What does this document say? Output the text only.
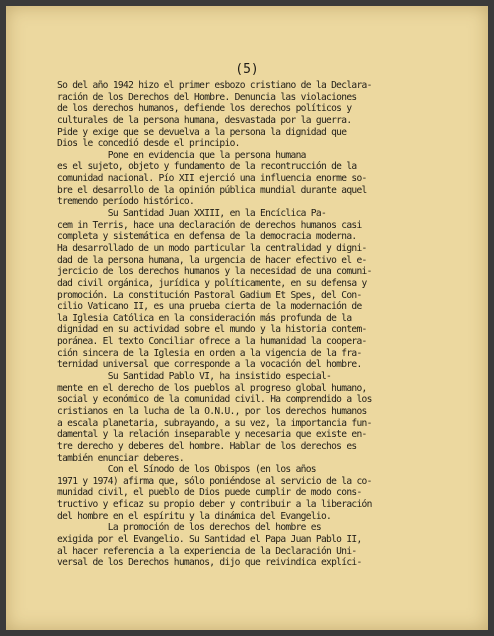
(5)
So del año 1942 hizo el primer esbozo cristiano de la Declara-
ración de los Derechos del Hombre. Denuncia las violaciones
de los derechos humanos, defiende los derechos políticos y
culturales de la persona humana, desvastada por la guerra.
Pide y exige que se devuelva a la persona la dignidad que
Dios le concedió desde el principio.
Pone en evidencia que la persona humana
es el sujeto, objeto y fundamento de la recontrucción de la
comunidad nacional. Pío XII ejerció una influencia enorme so-
bre el desarrollo de la opinión pública mundial durante aquel
tremendo período histórico.
Su Santidad Juan XXIII, en la Encíclica Pa-
cem in Terris, hace una declaración de derechos humanos casi
completa y sistemática en defensa de la democracia moderna.
Ha desarrollado de un modo particular la centralidad y digni-
dad de la persona humana, la urgencia de hacer efectivo el e-
jercicio de los derechos humanos y la necesidad de una comuni-
dad civil orgánica, jurídica y políticamente, en su defensa y
promoción. La constitución Pastoral Gadium Et Spes, del Con-
cilio Vaticano II, es una prueba cierta de la modernación de
la Iglesia Católica en la consideración más profunda de la
dignidad en su actividad sobre el mundo y la historia contem-
poránea. El texto Conciliar ofrece a la humanidad la coopera-
ción sincera de la Iglesia en orden a la vigencia de la fra-
ternidad universal que corresponde a la vocación del hombre.
Su Santidad Pablo VI, ha insistido especial-
mente en el derecho de los pueblos al progreso global humano,
social y económico de la comunidad civil. Ha comprendido a los
cristianos en la lucha de la O.N.U., por los derechos humanos
a escala planetaria, subrayando, a su vez, la importancia fun-
damental y la relación inseparable y necesaria que existe en-
tre derecho y deberes del hombre. Hablar de los derechos es
también enunciar deberes.
Con el Sínodo de los Obispos (en los años
1971 y 1974) afirma que, sólo poniéndose al servicio de la co-
munidad civil, el pueblo de Dios puede cumplir de modo cons-
tructivo y eficaz su propio deber y contribuir a la liberación
del hombre en el espíritu y la dinámica del Evangelio.
La promoción de los derechos del hombre es
exigida por el Evangelio. Su Santidad el Papa Juan Pablo II,
al hacer referencia a la experiencia de la Declaración Uni-
versal de los Derechos humanos, dijo que reivindica explíci-
